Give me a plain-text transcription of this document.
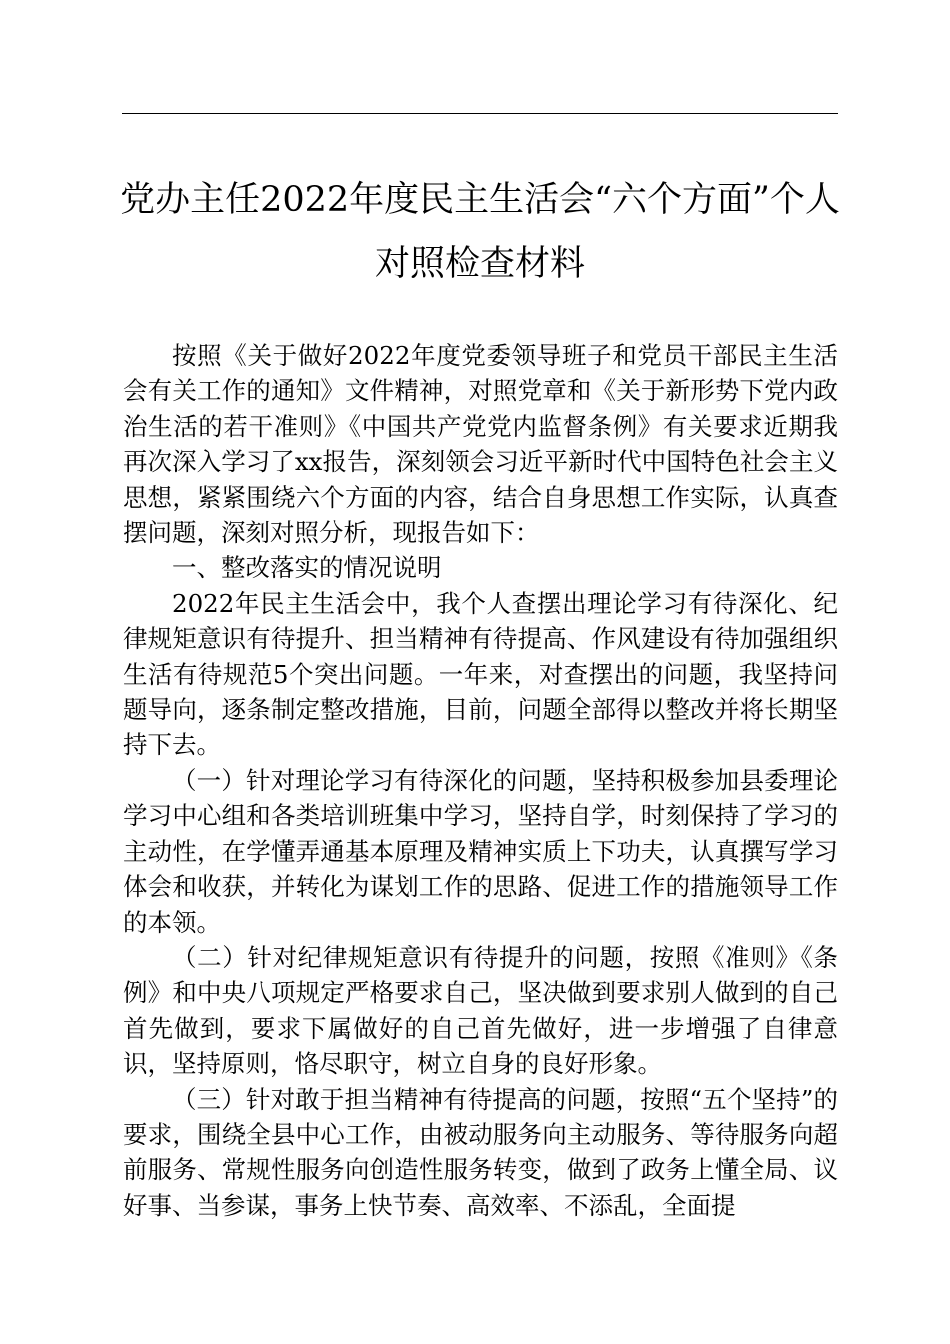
党办主任2022年度民主生活会“六个方面”个人对照检查材料

按照《关于做好2022年度党委领导班子和党员干部民主生活会有关工作的通知》文件精神，对照党章和《关于新形势下党内政治生活的若干准则》《中国共产党党内监督条例》有关要求近期我再次深入学习了xx报告，深刻领会习近平新时代中国特色社会主义思想，紧紧围绕六个方面的内容，结合自身思想工作实际，认真查摆问题，深刻对照分析，现报告如下：

一、整改落实的情况说明

2022年民主生活会中，我个人查摆出理论学习有待深化、纪律规矩意识有待提升、担当精神有待提高、作风建设有待加强组织生活有待规范5个突出问题。一年来，对查摆出的问题，我坚持问题导向，逐条制定整改措施，目前，问题全部得以整改并将长期坚持下去。

（一）针对理论学习有待深化的问题，坚持积极参加县委理论学习中心组和各类培训班集中学习，坚持自学，时刻保持了学习的主动性，在学懂弄通基本原理及精神实质上下功夫，认真撰写学习体会和收获，并转化为谋划工作的思路、促进工作的措施领导工作的本领。

（二）针对纪律规矩意识有待提升的问题，按照《准则》《条例》和中央八项规定严格要求自己，坚决做到要求别人做到的自己首先做到，要求下属做好的自己首先做好，进一步增强了自律意识，坚持原则，恪尽职守，树立自身的良好形象。

（三）针对敢于担当精神有待提高的问题，按照“五个坚持”的要求，围绕全县中心工作，由被动服务向主动服务、等待服务向超前服务、常规性服务向创造性服务转变，做到了政务上懂全局、议好事、当参谋，事务上快节奏、高效率、不添乱，全面提
